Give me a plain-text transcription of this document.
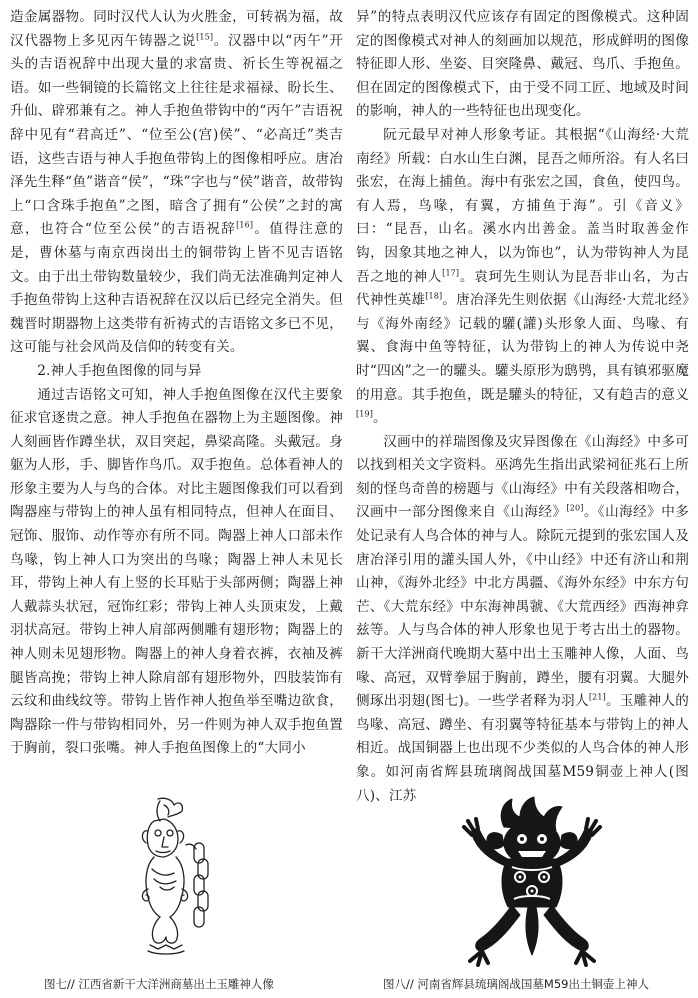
造金属器物。同时汉代人认为火胜金，可转祸为福，故汉代器物上多见丙午铸器之说[15]。汉器中以“丙午”开头的吉语祝辞中出现大量的求富贵、祈长生等祝福之语。如一些铜镜的长篇铭文上往往是求福禄、盼长生、升仙、辟邪兼有之。神人手抱鱼带钩中的“丙午”吉语祝辞中见有“君高迁”、“位至公(宫)侯”、“必高迁”类吉语，这些吉语与神人手抱鱼带钩上的图像相呼应。唐冶泽先生释“鱼”谐音“侯”，“珠”字也与“侯”谐音，故带钩上“口含珠手抱鱼”之图，暗含了拥有“公侯”之封的寓意，也符合“位至公侯”的吉语祝辞[16]。值得注意的是，曹休墓与南京西岗出土的铜带钩上皆不见吉语铭文。由于出土带钩数量较少，我们尚无法准确判定神人手抱鱼带钩上这种吉语祝辞在汉以后已经完全消失。但魏晋时期器物上这类带有祈祷式的吉语铭文多已不见，这可能与社会风尚及信仰的转变有关。

2.神人手抱鱼图像的同与异

通过吉语铭文可知，神人手抱鱼图像在汉代主要象征求官逐贵之意。神人手抱鱼在器物上为主题图像。神人刻画皆作蹲坐状，双目突起，鼻梁高隆。头戴冠。身躯为人形，手、脚皆作鸟爪。双手抱鱼。总体看神人的形象主要为人与鸟的合体。对比主题图像我们可以看到陶器座与带钩上的神人虽有相同特点，但神人在面目、冠饰、服饰、动作等亦有所不同。陶器上神人口部未作鸟喙，钩上神人口为突出的鸟喙；陶器上神人未见长耳，带钩上神人有上竖的长耳贴于头部两侧；陶器上神人戴蒜头状冠，冠饰红彩；带钩上神人头顶束发，上戴羽状高冠。带钩上神人肩部两侧雕有翅形物；陶器上的神人则未见翅形物。陶器上的神人身着衣裤，衣袖及裤腿皆高挽；带钩上神人除肩部有翅形物外，四肢装饰有云纹和曲线纹等。带钩上皆作神人抱鱼举至嘴边欲食，陶器除一件与带钩相同外，另一件则为神人双手抱鱼置于胸前，裂口张嘴。神人手抱鱼图像上的“大同小

异”的特点表明汉代应该存有固定的图像模式。这种固定的图像模式对神人的刻画加以规范，形成鲜明的图像特征即人形、坐姿、目突隆鼻、戴冠、鸟爪、手抱鱼。但在固定的图像模式下，由于受不同工匠、地域及时间的影响，神人的一些特征也出现变化。

阮元最早对神人形象考证。其根据“《山海经·大荒南经》所载：白水山生白渊，昆吾之师所浴。有人名曰张宏，在海上捕鱼。海中有张宏之国，食鱼，使四鸟。有人焉，鸟喙，有翼，方捕鱼于海”。引《音义》曰：“昆吾，山名。溪水内出善金。盖当时取善金作钩，因象其地之神人，以为饰也”，认为带钩神人为昆吾之地的神人[17]。袁珂先生则认为昆吾非山名，为古代神性英雄[18]。唐冶泽先生则依据《山海经·大荒北经》与《海外南经》记载的驩(讙)头形象人面、鸟喙、有翼、食海中鱼等特征，认为带钩上的神人为传说中尧时“四凶”之一的驩头。驩头原形为鸱鸮，具有镇邪驱魔的用意。其手抱鱼，既是驩头的特征，又有趋吉的意义[19]。

汉画中的祥瑞图像及灾异图像在《山海经》中多可以找到相关文字资料。巫鸿先生指出武梁祠征兆石上所刻的怪鸟奇兽的榜题与《山海经》中有关段落相吻合，汉画中一部分图像来自《山海经》[20]。《山海经》中多处记录有人鸟合体的神与人。除阮元提到的张宏国人及唐冶泽引用的讙头国人外，《中山经》中还有济山和荆山神，《海外北经》中北方禺疆、《海外东经》中东方句芒、《大荒东经》中东海神禺虢、《大荒西经》西海神弇兹等。人与鸟合体的神人形象也见于考古出土的器物。新干大洋洲商代晚期大墓中出土玉雕神人像，人面、鸟喙、高冠，双臂拳屈于胸前，蹲坐，腰有羽翼。大腿外侧琢出羽翅(图七)。一些学者释为羽人[21]。玉雕神人的鸟喙、高冠、蹲坐、有羽翼等特征基本与带钩上的神人相近。战国铜器上也出现不少类似的人鸟合体的神人形象。如河南省辉县琉璃阁战国墓M59铜壶上神人(图八)、江苏

图七// 江西省新干大洋洲商墓出土玉雕神人像	图八// 河南省辉县琉璃阁战国墓M59出土铜壶上神人
